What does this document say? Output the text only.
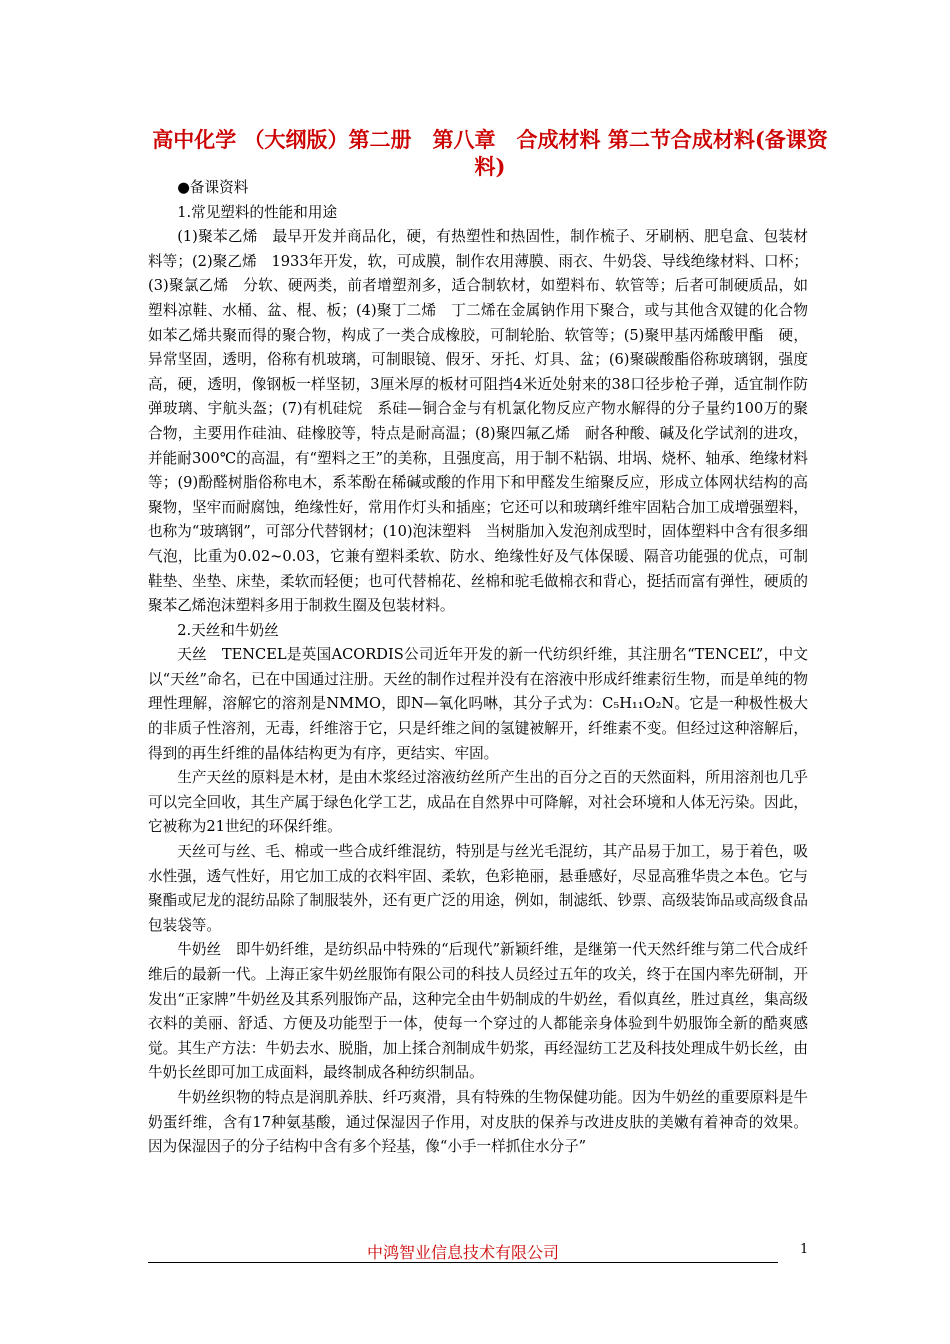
高中化学 （大纲版）第二册　第八章　合成材料 第二节合成材料(备课资料)

●备课资料

1.常见塑料的性能和用途

(1)聚苯乙烯　最早开发并商品化，硬，有热塑性和热固性，制作梳子、牙刷柄、肥皂盒、包装材料等；(2)聚乙烯　1933年开发，软，可成膜，制作农用薄膜、雨衣、牛奶袋、导线绝缘材料、口杯；(3)聚氯乙烯　分软、硬两类，前者增塑剂多，适合制软材，如塑料布、软管等；后者可制硬质品，如塑料凉鞋、水桶、盆、棍、板；(4)聚丁二烯　丁二烯在金属钠作用下聚合，或与其他含双键的化合物如苯乙烯共聚而得的聚合物，构成了一类合成橡胶，可制轮胎、软管等；(5)聚甲基丙烯酸甲酯　硬，异常坚固，透明，俗称有机玻璃，可制眼镜、假牙、牙托、灯具、盆；(6)聚碳酸酯俗称玻璃钢，强度高，硬，透明，像钢板一样坚韧，3厘米厚的板材可阻挡4米近处射来的38口径步枪子弹，适宜制作防弹玻璃、宇航头盔；(7)有机硅烷　系硅—铜合金与有机氯化物反应产物水解得的分子量约100万的聚合物，主要用作硅油、硅橡胶等，特点是耐高温；(8)聚四氟乙烯　耐各种酸、碱及化学试剂的进攻，并能耐300℃的高温，有“塑料之王”的美称，且强度高，用于制不粘锅、坩埚、烧杯、轴承、绝缘材料等；(9)酚醛树脂俗称电木，系苯酚在稀碱或酸的作用下和甲醛发生缩聚反应，形成立体网状结构的高聚物，坚牢而耐腐蚀，绝缘性好，常用作灯头和插座；它还可以和玻璃纤维牢固粘合加工成增强塑料，也称为“玻璃钢”，可部分代替钢材；(10)泡沫塑料　当树脂加入发泡剂成型时，固体塑料中含有很多细气泡，比重为0.02~0.03，它兼有塑料柔软、防水、绝缘性好及气体保暖、隔音功能强的优点，可制鞋垫、坐垫、床垫，柔软而轻便；也可代替棉花、丝棉和驼毛做棉衣和背心，挺括而富有弹性，硬质的聚苯乙烯泡沫塑料多用于制救生圈及包装材料。

2.天丝和牛奶丝

天丝　TENCEL是英国ACORDIS公司近年开发的新一代纺织纤维，其注册名“TENCEL”，中文以“天丝”命名，已在中国通过注册。天丝的制作过程并没有在溶液中形成纤维素衍生物，而是单纯的物理性理解，溶解它的溶剂是NMMO，即N—氧化吗啉，其分子式为：C₅H₁₁O₂N。它是一种极性极大的非质子性溶剂，无毒，纤维溶于它，只是纤维之间的氢键被解开，纤维素不变。但经过这种溶解后，得到的再生纤维的晶体结构更为有序，更结实、牢固。

生产天丝的原料是木材，是由木浆经过溶液纺丝所产生出的百分之百的天然面料，所用溶剂也几乎可以完全回收，其生产属于绿色化学工艺，成品在自然界中可降解，对社会环境和人体无污染。因此，它被称为21世纪的环保纤维。

天丝可与丝、毛、棉或一些合成纤维混纺，特别是与丝光毛混纺，其产品易于加工，易于着色，吸水性强，透气性好，用它加工成的衣料牢固、柔软，色彩艳丽，悬垂感好，尽显高雅华贵之本色。它与聚酯或尼龙的混纺品除了制服装外，还有更广泛的用途，例如，制滤纸、钞票、高级装饰品或高级食品包装袋等。

牛奶丝　即牛奶纤维，是纺织品中特殊的“后现代”新颖纤维，是继第一代天然纤维与第二代合成纤维后的最新一代。上海正家牛奶丝服饰有限公司的科技人员经过五年的攻关，终于在国内率先研制，开发出“正家牌”牛奶丝及其系列服饰产品，这种完全由牛奶制成的牛奶丝，看似真丝，胜过真丝，集高级衣料的美丽、舒适、方便及功能型于一体，使每一个穿过的人都能亲身体验到牛奶服饰全新的酷爽感觉。其生产方法：牛奶去水、脱脂，加上揉合剂制成牛奶浆，再经湿纺工艺及科技处理成牛奶长丝，由牛奶长丝即可加工成面料，最终制成各种纺织制品。

牛奶丝织物的特点是润肌养肤、纤巧爽滑，具有特殊的生物保健功能。因为牛奶丝的重要原料是牛奶蛋纤维，含有17种氨基酸，通过保湿因子作用，对皮肤的保养与改进皮肤的美嫩有着神奇的效果。因为保湿因子的分子结构中含有多个羟基，像“小手一样抓住水分子”

中鸿智业信息技术有限公司	1
